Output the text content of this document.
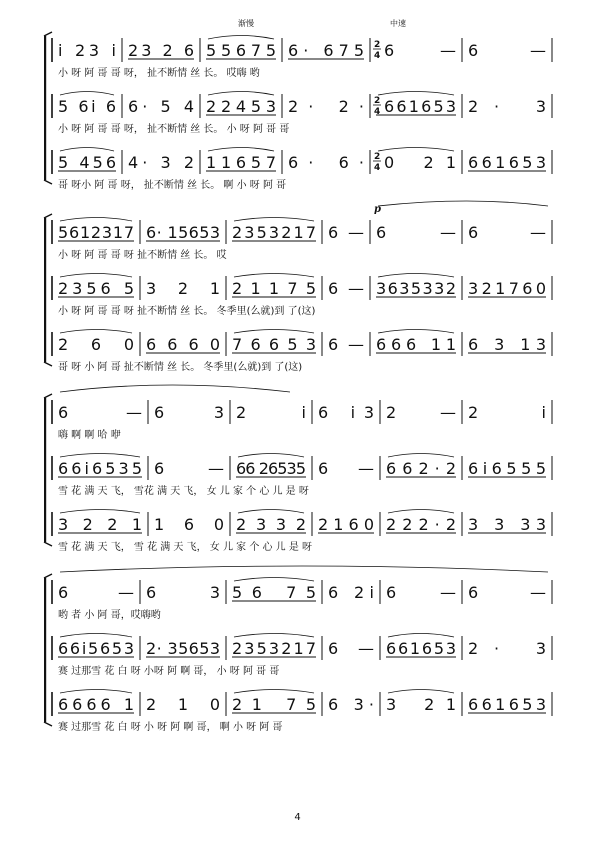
i 23 i 23 2 6 55675 6· 675 2
4 6 — 6 —
小 呀 阿 哥 哥 呀， 扯不断情 丝 长。 哎嗨 哟
5 6i 6 6· 5 4 22453 2· 2· 2
4 661653 2· 3
小 呀 阿 哥 哥 呀， 扯不断情 丝 长。 小 呀 阿 哥 哥
5 456 4· 3 2 11657 6· 6· 2
4 0 21 661653
哥 呀小 阿 哥 呀， 扯不断情 丝 长。 啊 小 呀 阿 哥
5612317 6· 15653 2353217 6 — 6 — 6 —
小 呀 阿 哥 哥 呀 扯不断情 丝 长。 哎
2356 5 3 2 1 21175 6 — 3635332 321760
小 呀 阿 哥 哥 呀 扯不断情 丝 长。 冬季里(么就)到 了(这)
2 6 0 6 6 6 0 76653 6 — 666 11 6 3 13
哥 呀 小 阿 哥 扯不断情 丝 长。 冬季里(么就)到 了(这)
6 — 6 3 2 i 6 i3 2 — 2 i
嗨 啊 啊 哈 咿
66i6535 6 — 66 26535 6 — 662·2 6i6555
雪 花 满 天 飞， 雪花 满 天 飞， 女 儿 家 个 心 儿 是 呀
3221 1 6 0 2 3 3 2 2 1 6 0 222·2 3 3 33
雪 花 满 天 飞， 雪 花 满 天 飞， 女 儿 家 个 心 儿 是 呀
6 — 6 3 56 75 6 2i 6 — 6 —
哟 者 小 阿 哥，哎嗨哟
66i5653 2· 35653 2353217 6 — 661653 2· 3
赛 过那雪 花 白 呀 小呀 阿 啊 哥， 小 呀 阿 哥 哥
6666 1 2 1 0 21 75 6 3· 3 21 661653
赛 过那雪 花 白 呀 小 呀 阿 啊 哥， 啊 小 呀 阿 哥
渐慢	中速
p
4
